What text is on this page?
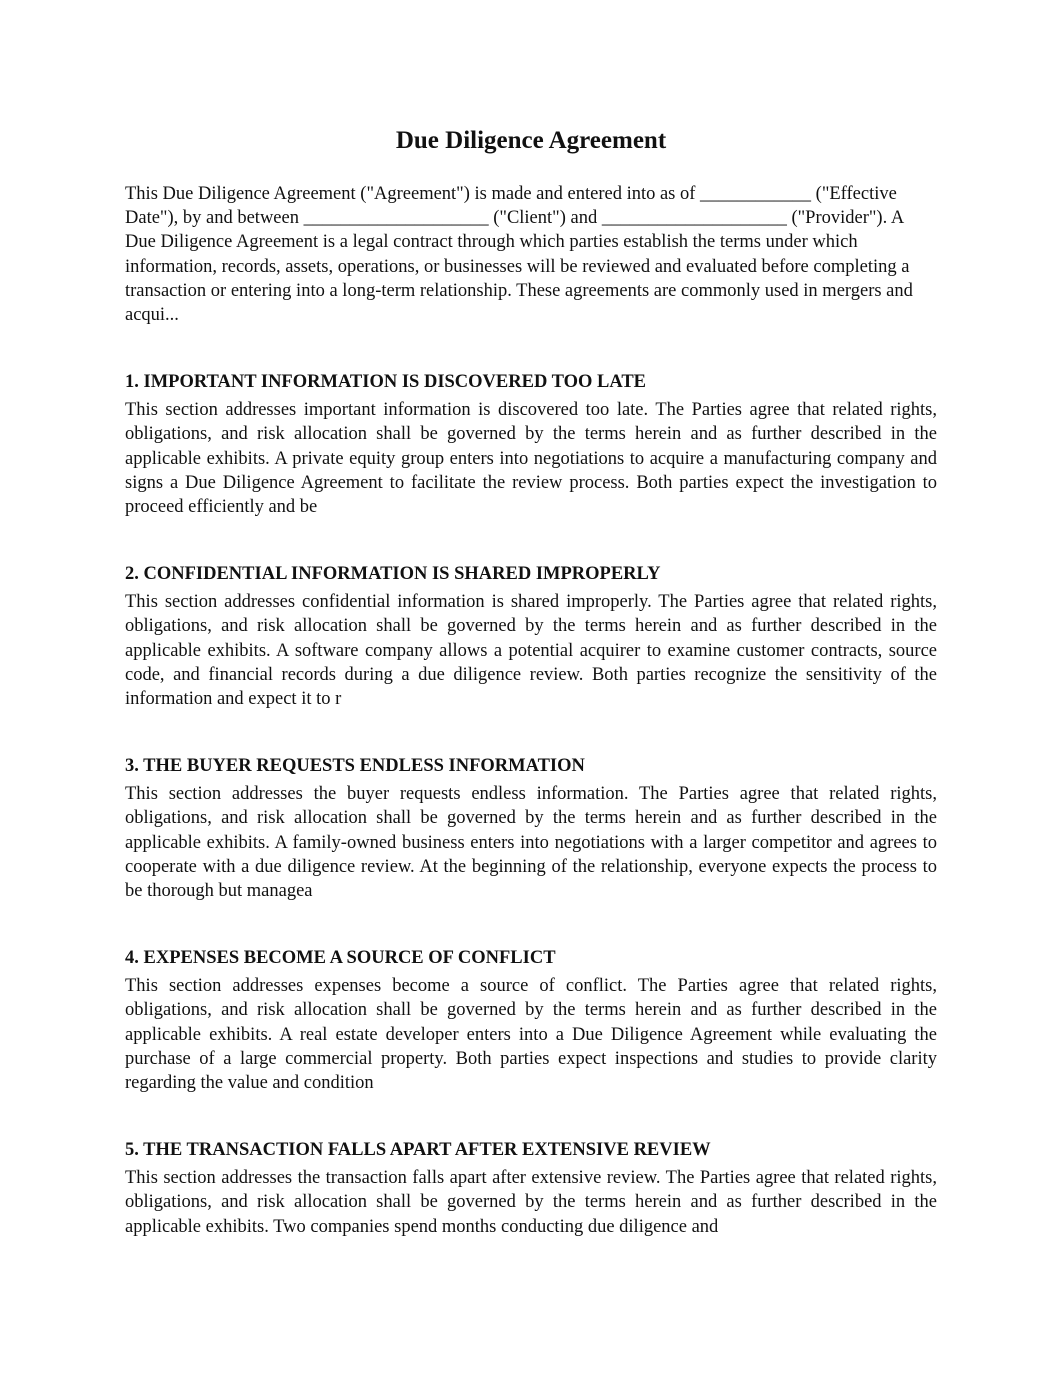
Due Diligence Agreement

This Due Diligence Agreement ("Agreement") is made and entered into as of ____________ ("Effective Date"), by and between ____________________ ("Client") and ____________________ ("Provider"). A Due Diligence Agreement is a legal contract through which parties establish the terms under which information, records, assets, operations, or businesses will be reviewed and evaluated before completing a transaction or entering into a long-term relationship. These agreements are commonly used in mergers and acqui...

1. IMPORTANT INFORMATION IS DISCOVERED TOO LATE

This section addresses important information is discovered too late. The Parties agree that related rights, obligations, and risk allocation shall be governed by the terms herein and as further described in the applicable exhibits. A private equity group enters into negotiations to acquire a manufacturing company and signs a Due Diligence Agreement to facilitate the review process. Both parties expect the investigation to proceed efficiently and be

2. CONFIDENTIAL INFORMATION IS SHARED IMPROPERLY

This section addresses confidential information is shared improperly. The Parties agree that related rights, obligations, and risk allocation shall be governed by the terms herein and as further described in the applicable exhibits. A software company allows a potential acquirer to examine customer contracts, source code, and financial records during a due diligence review. Both parties recognize the sensitivity of the information and expect it to r

3. THE BUYER REQUESTS ENDLESS INFORMATION

This section addresses the buyer requests endless information. The Parties agree that related rights, obligations, and risk allocation shall be governed by the terms herein and as further described in the applicable exhibits. A family-owned business enters into negotiations with a larger competitor and agrees to cooperate with a due diligence review. At the beginning of the relationship, everyone expects the process to be thorough but managea

4. EXPENSES BECOME A SOURCE OF CONFLICT

This section addresses expenses become a source of conflict. The Parties agree that related rights, obligations, and risk allocation shall be governed by the terms herein and as further described in the applicable exhibits. A real estate developer enters into a Due Diligence Agreement while evaluating the purchase of a large commercial property. Both parties expect inspections and studies to provide clarity regarding the value and condition

5. THE TRANSACTION FALLS APART AFTER EXTENSIVE REVIEW

This section addresses the transaction falls apart after extensive review. The Parties agree that related rights, obligations, and risk allocation shall be governed by the terms herein and as further described in the applicable exhibits. Two companies spend months conducting due diligence and
